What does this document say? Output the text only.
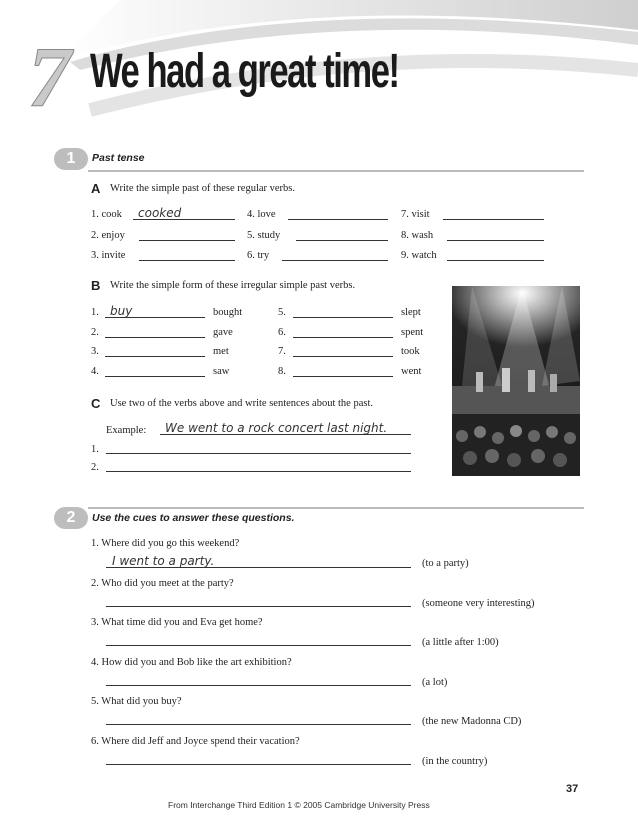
7 We had a great time!
1	Past tense
A Write the simple past of these regular verbs.
1. cook cooked
2. enjoy
3. invite
4. love
5. study
6. try
7. visit
8. wash
9. watch
B Write the simple form of these irregular simple past verbs.
1. buy	bought
2.	gave
3.	met
4.	saw
5.	slept
6.	spent
7.	took
8.	went
C Use two of the verbs above and write sentences about the past.
Example: We went to a rock concert last night.
1.
2.
2	Use the cues to answer these questions.
1. Where did you go this weekend?
I went to a party.	(to a party)
2. Who did you meet at the party?
(someone very interesting)
3. What time did you and Eva get home?
(a little after 1:00)
4. How did you and Bob like the art exhibition?
(a lot)
5. What did you buy?
(the new Madonna CD)
6. Where did Jeff and Joyce spend their vacation?
(in the country)
37
From Interchange Third Edition 1 © 2005 Cambridge University Press
